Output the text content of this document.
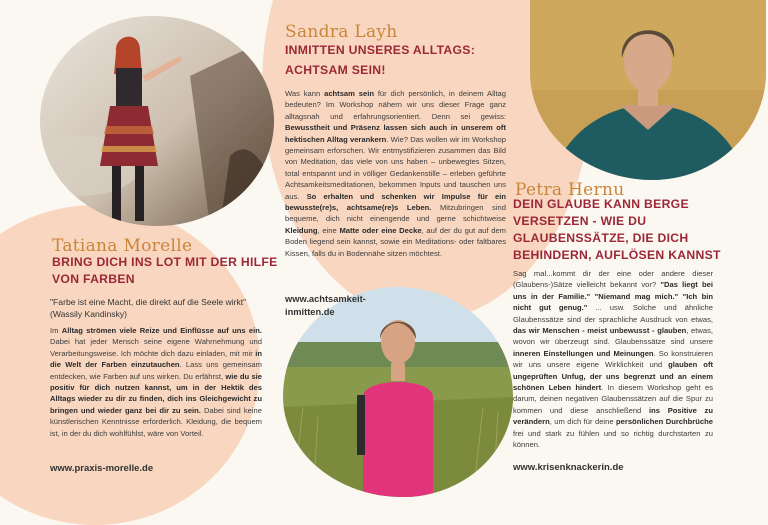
Sandra Layh
INMITTEN UNSERES ALLTAGS:
ACHTSAM SEIN!

Was kann achtsam sein für dich persönlich, in deinem Alltag bedeuten? Im Workshop nähern wir uns dieser Frage ganz alltagsnah und erfahrungsorientiert. Denn sei gewiss: Bewusstheit und Präsenz lassen sich auch in unserem oft hektischen Alltag verankern. Wie? Das wollen wir im Workshop gemeinsam erforschen. Wir entmystifizieren zusammen das Bild von Meditation, das viele von uns haben – unbewegtes Sitzen, total entspannt und in völliger Gedankenstille – erleben geführte Achtsamkeitsmeditationen, bekommen Inputs und tauschen uns aus. So erhalten und schenken wir Impulse für ein bewusste(re)s, achtsame(re)s Leben. Mitzubringen sind bequeme, dich nicht einengende und gerne schichtweise Kleidung, eine Matte oder eine Decke, auf der du gut auf dem Boden liegend sein kannst, sowie ein Meditations- oder faltbares Kissen, falls du in Bodennähe sitzen möchtest.

www.achtsamkeit-inmitten.de
Tatiana Morelle
BRING DICH INS LOT MIT DER HILFE
VON FARBEN

"Farbe ist eine Macht, die direkt auf die Seele wirkt" (Wassily Kandinsky)

Im Alltag strömen viele Reize und Einflüsse auf uns ein. Dabei hat jeder Mensch seine eigene Wahrnehmung und Verarbeitungsweise. Ich möchte dich dazu einladen, mit mir in die Welt der Farben einzutauchen. Lass uns gemeinsam entdecken, wie Farben auf uns wirken. Du erfährst, wie du sie positiv für dich nutzen kannst, um in der Hektik des Alltags wieder zu dir zu finden, dich ins Gleichgewicht zu bringen und wieder ganz bei dir zu sein. Dabei sind keine künstlerischen Kenntnisse erforderlich. Kleidung, die bequem ist, in der du dich wohlfühlst, wäre von Vorteil.

www.praxis-morelle.de
Petra Hernu
DEIN GLAUBE KANN BERGE
VERSETZEN - WIE DU
GLAUBENSSÄTZE, DIE DICH
BEHINDERN, AUFLÖSEN KANNST

Sag mal...kommt dir der eine oder andere dieser (Glaubens-)Sätze vielleicht bekannt vor? "Das liegt bei uns in der Familie." "Niemand mag mich." "Ich bin nicht gut genug." ... usw. Solche und ähnliche Glaubenssätze sind der sprachliche Ausdruck von etwas, das wir Menschen - meist unbewusst - glauben, etwas, wovon wir überzeugt sind. Glaubenssätze sind unsere inneren Einstellungen und Meinungen. So konstruieren wir uns unsere eigene Wirklichkeit und glauben oft ungeprüften Unfug, der uns begrenzt und an einem schönen Leben hindert. In diesem Workshop geht es darum, deinen negativen Glaubenssätzen auf die Spur zu kommen und diese anschließend ins Positive zu verändern, um dich für deine persönlichen Durchbrüche frei und stark zu fühlen und so richtig durchstarten zu können.

www.krisenknackerin.de
